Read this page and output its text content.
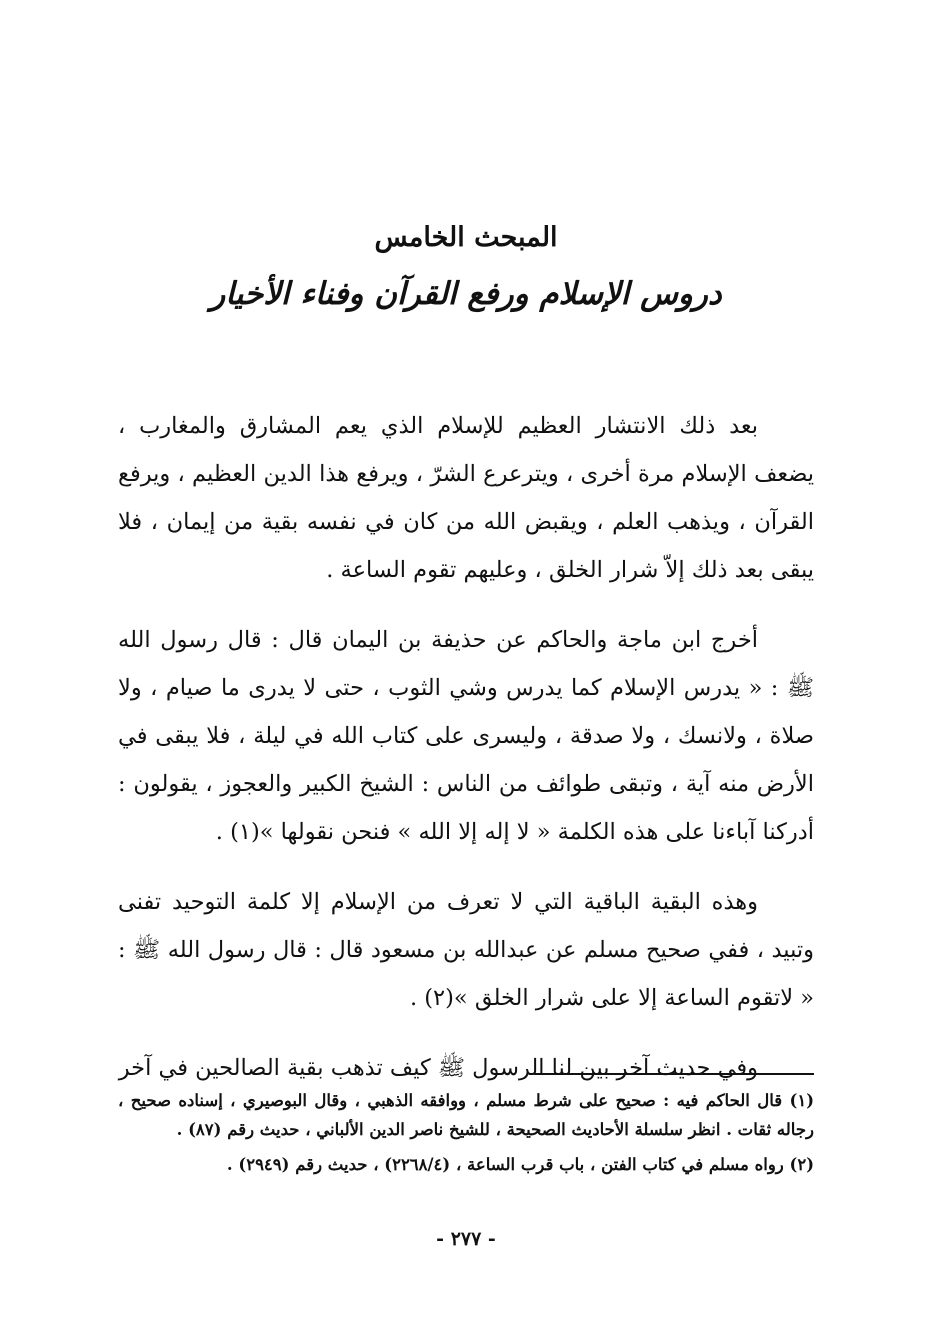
المبحث الخامس
دروس الإسلام ورفع القرآن وفناء الأخيار

بعد ذلك الانتشار العظيم للإسلام الذي يعم المشارق والمغارب ، يضعف الإسلام مرة أخرى ، ويترعرع الشرّ ، ويرفع هذا الدين العظيم ، ويرفع القرآن ، ويذهب العلم ، ويقبض الله من كان في نفسه بقية من إيمان ، فلا يبقى بعد ذلك إلاّ شرار الخلق ، وعليهم تقوم الساعة .

أخرج ابن ماجة والحاكم عن حذيفة بن اليمان قال : قال رسول الله ﷺ : « يدرس الإسلام كما يدرس وشي الثوب ، حتى لا يدرى ما صيام ، ولا صلاة ، ولانسك ، ولا صدقة ، وليسرى على كتاب الله في ليلة ، فلا يبقى في الأرض منه آية ، وتبقى طوائف من الناس : الشيخ الكبير والعجوز ، يقولون : أدركنا آباءنا على هذه الكلمة « لا إله إلا الله » فنحن نقولها »(١) .

وهذه البقية الباقية التي لا تعرف من الإسلام إلا كلمة التوحيد تفنى وتبيد ، ففي صحيح مسلم عن عبدالله بن مسعود قال : قال رسول الله ﷺ : « لاتقوم الساعة إلا على شرار الخلق »(٢) .

وفي حديث آخر بين لنا الرسول ﷺ كيف تذهب بقية الصالحين في آخر

(١) قال الحاكم فيه : صحيح على شرط مسلم ، ووافقه الذهبي ، وقال البوصيري ، إسناده صحيح ، رجاله ثقات . انظر سلسلة الأحاديث الصحيحة ، للشيخ ناصر الدين الألباني ، حديث رقم (٨٧) .

(٢) رواه مسلم في كتاب الفتن ، باب قرب الساعة ، (٢٢٦٨/٤) ، حديث رقم (٢٩٤٩) .

- ٢٧٧ -
